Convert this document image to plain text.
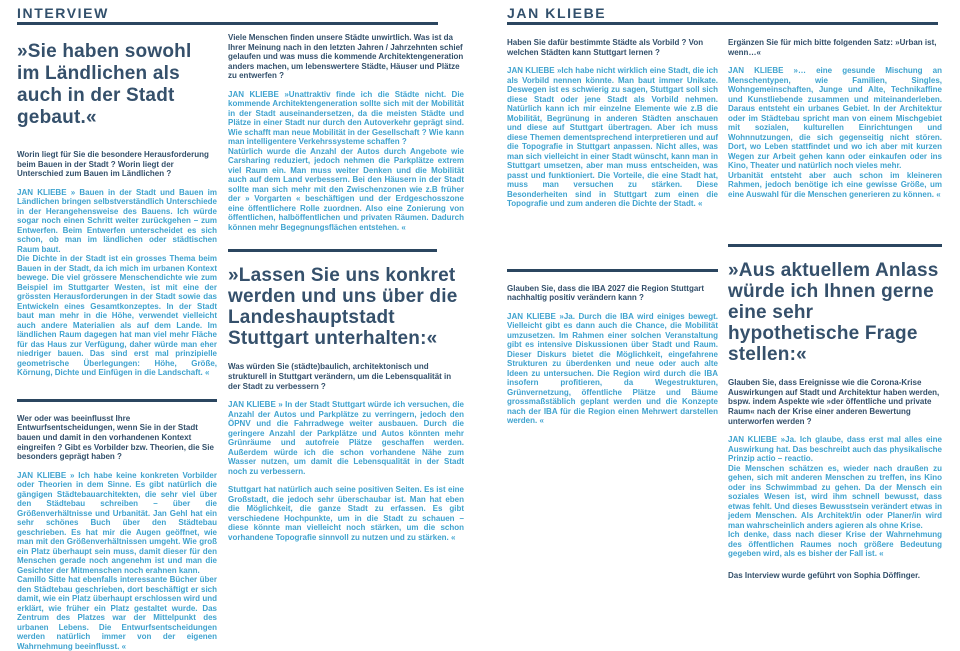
INTERVIEW	JAN KLIEBE
»Sie haben sowohl im Ländlichen als auch in der Stadt gebaut.«

Worin liegt für Sie die besondere Herausforderung beim Bauen in der Stadt ? Worin liegt der Unterschied zum Bauen im Ländlichen ?

JAN KLIEBE » Bauen in der Stadt und Bauen im Ländlichen bringen selbstverständlich Unterschiede in der Herangehensweise des Bauens. Ich würde sogar noch einen Schritt weiter zurückgehen – zum Entwerfen. Beim Entwerfen unterscheidet es sich schon, ob man im ländlichen oder städtischen Raum baut.

Die Dichte in der Stadt ist ein grosses Thema beim Bauen in der Stadt, da ich mich im urbanen Kontext bewege. Die viel grössere Menschendichte wie zum Beispiel im Stuttgarter Westen, ist mit eine der grössten Herausforderungen in der Stadt sowie das Entwickeln eines Gesamtkonzeptes. In der Stadt baut man mehr in die Höhe, verwendet vielleicht auch andere Materialien als auf dem Lande. Im ländlichen Raum dagegen hat man viel mehr Fläche für das Haus zur Verfügung, daher würde man eher niedriger bauen. Das sind erst mal prinzipielle geometrische Überlegungen: Höhe, Größe, Körnung, Dichte und Einfügen in die Landschaft. «

Wer oder was beeinflusst Ihre Entwurfsentscheidungen, wenn Sie in der Stadt bauen und damit in den vorhandenen Kontext eingreifen ? Gibt es Vorbilder bzw. Theorien, die Sie besonders geprägt haben ?

JAN KLIEBE » Ich habe keine konkreten Vorbilder oder Theorien in dem Sinne. Es gibt natürlich die gängigen Städtebauarchitekten, die sehr viel über den Städtebau schreiben – über die Größenverhältnisse und Urbanität. Jan Gehl hat ein sehr schönes Buch über den Städtebau geschrieben. Es hat mir die Augen geöffnet, wie man mit den Größenverhältnissen umgeht. Wie groß ein Platz überhaupt sein muss, damit dieser für den Menschen gerade noch angenehm ist und man die Gesichter der Mitmenschen noch erahnen kann.

Camillo Sitte hat ebenfalls interessante Bücher über den Städtebau geschrieben, dort beschäftigt er sich damit, wie ein Platz überhaupt erschlossen wird und erklärt, wie früher ein Platz gestaltet wurde. Das Zentrum des Platzes war der Mittelpunkt des urbanen Lebens. Die Entwurfsentscheidungen werden natürlich immer von der eigenen Wahrnehmung beeinflusst. «

Viele Menschen finden unsere Städte unwirtlich. Was ist da Ihrer Meinung nach in den letzten Jahren / Jahrzehnten schief gelaufen und was muss die kommende Architektengeneration anders machen, um lebenswertere Städte, Häuser und Plätze zu entwerfen ?

JAN KLIEBE »Unattraktiv finde ich die Städte nicht. Die kommende Architektengeneration sollte sich mit der Mobilität in der Stadt auseinandersetzen, da die meisten Städte und Plätze in einer Stadt nur durch den Autoverkehr geprägt sind. Wie schafft man neue Mobilität in der Gesellschaft ? Wie kann man intelligentere Verkehrssysteme schaffen ?

Natürlich wurde die Anzahl der Autos durch Angebote wie Carsharing reduziert, jedoch nehmen die Parkplätze extrem viel Raum ein. Man muss weiter Denken und die Mobilität auch auf dem Land verbessern. Bei den Häusern in der Stadt sollte man sich mehr mit den Zwischenzonen wie z.B früher der » Vorgarten « beschäftigen und der Erdgeschosszone eine öffentlichere Rolle zuordnen. Also eine Zonierung von öffentlichen, halböffentlichen und privaten Räumen. Dadurch können mehr Begegnungsflächen entstehen. «

»Lassen Sie uns konkret werden und uns über die Landeshauptstadt Stuttgart unterhalten:«

Was würden Sie (städte)baulich, architektonisch und strukturell in Stuttgart verändern, um die Lebensqualität in der Stadt zu verbessern ?

JAN KLIEBE » In der Stadt Stuttgart würde ich versuchen, die Anzahl der Autos und Parkplätze zu verringern, jedoch den ÖPNV und die Fahrradwege weiter ausbauen. Durch die geringere Anzahl der Parkplätze und Autos könnten mehr Grünräume und autofreie Plätze geschaffen werden. Außerdem würde ich die schon vorhandene Nähe zum Wasser nutzen, um damit die Lebensqualität in der Stadt noch zu verbessern.

Stuttgart hat natürlich auch seine positiven Seiten. Es ist eine Großstadt, die jedoch sehr überschaubar ist. Man hat eben die Möglichkeit, die ganze Stadt zu erfassen. Es gibt verschiedene Hochpunkte, um in die Stadt zu schauen – diese könnte man vielleicht noch stärken, um die schon vorhandene Topografie sinnvoll zu nutzen und zu stärken. «

Haben Sie dafür bestimmte Städte als Vorbild ? Von welchen Städten kann Stuttgart lernen ?

JAN KLIEBE »Ich habe nicht wirklich eine Stadt, die ich als Vorbild nennen könnte. Man baut immer Unikate. Deswegen ist es schwierig zu sagen, Stuttgart soll sich diese Stadt oder jene Stadt als Vorbild nehmen. Natürlich kann ich mir einzelne Elemente wie z.B die Mobilität, Begrünung in anderen Städten anschauen und diese auf Stuttgart übertragen. Aber ich muss diese Themen dementsprechend interpretieren und auf die Topografie in Stuttgart anpassen. Nicht alles, was man sich vielleicht in einer Stadt wünscht, kann man in Stuttgart umsetzen, aber man muss entscheiden, was passt und funktioniert. Die Vorteile, die eine Stadt hat, muss man versuchen zu stärken. Diese Besonderheiten sind in Stuttgart zum einen die Topografie und zum anderen die Dichte der Stadt. «

Glauben Sie, dass die IBA 2027 die Region Stuttgart nachhaltig positiv verändern kann ?

JAN KLIEBE »Ja. Durch die IBA wird einiges bewegt. Vielleicht gibt es dann auch die Chance, die Mobilität umzusetzen. Im Rahmen einer solchen Veranstaltung gibt es intensive Diskussionen über Stadt und Raum. Dieser Diskurs bietet die Möglichkeit, eingefahrene Strukturen zu überdenken und neue oder auch alte Ideen zu untersuchen. Die Region wird durch die IBA insofern profitieren, da Wegestrukturen, Grünvernetzung, öffentliche Plätze und Bäume grossmaßstäblich geplant werden und die Konzepte nach der IBA für die Region einen Mehrwert darstellen werden. «

Ergänzen Sie für mich bitte folgenden Satz: »Urban ist, wenn…«

JAN KLIEBE »… eine gesunde Mischung an Menschentypen, wie Familien, Singles, Wohngemeinschaften, Junge und Alte, Technikaffine und Kunstliebende zusammen und miteinanderleben. Daraus entsteht ein urbanes Gebiet. In der Architektur oder im Städtebau spricht man von einem Mischgebiet mit sozialen, kulturellen Einrichtungen und Wohnnutzungen, die sich gegenseitig nicht stören. Dort, wo Leben stattfindet und wo ich aber mit kurzen Wegen zur Arbeit gehen kann oder einkaufen oder ins Kino, Theater und natürlich noch vieles mehr.

Urbanität entsteht aber auch schon im kleineren Rahmen, jedoch benötige ich eine gewisse Größe, um eine Auswahl für die Menschen generieren zu können. «

»Aus aktuellem Anlass würde ich Ihnen gerne eine sehr hypothetische Frage stellen:«

Glauben Sie, dass Ereignisse wie die Corona-Krise Auswirkungen auf Stadt und Architektur haben werden, bspw. indem Aspekte wie »der öffentliche und private Raum« nach der Krise einer anderen Bewertung unterworfen werden ?

JAN KLIEBE »Ja. Ich glaube, dass erst mal alles eine Auswirkung hat. Das beschreibt auch das physikalische Prinzip actio – reactio.

Die Menschen schätzen es, wieder nach draußen zu gehen, sich mit anderen Menschen zu treffen, ins Kino oder ins Schwimmbad zu gehen. Da der Mensch ein soziales Wesen ist, wird ihm schnell bewusst, dass etwas fehlt. Und dieses Bewusstsein verändert etwas in jedem Menschen. Als Architekt/in oder Planer/in wird man wahrscheinlich anders agieren als ohne Krise.

Ich denke, dass nach dieser Krise der Wahrnehmung des öffentlichen Raumes noch größere Bedeutung gegeben wird, als es bisher der Fall ist. «

Das Interview wurde geführt von Sophia Döffinger.
